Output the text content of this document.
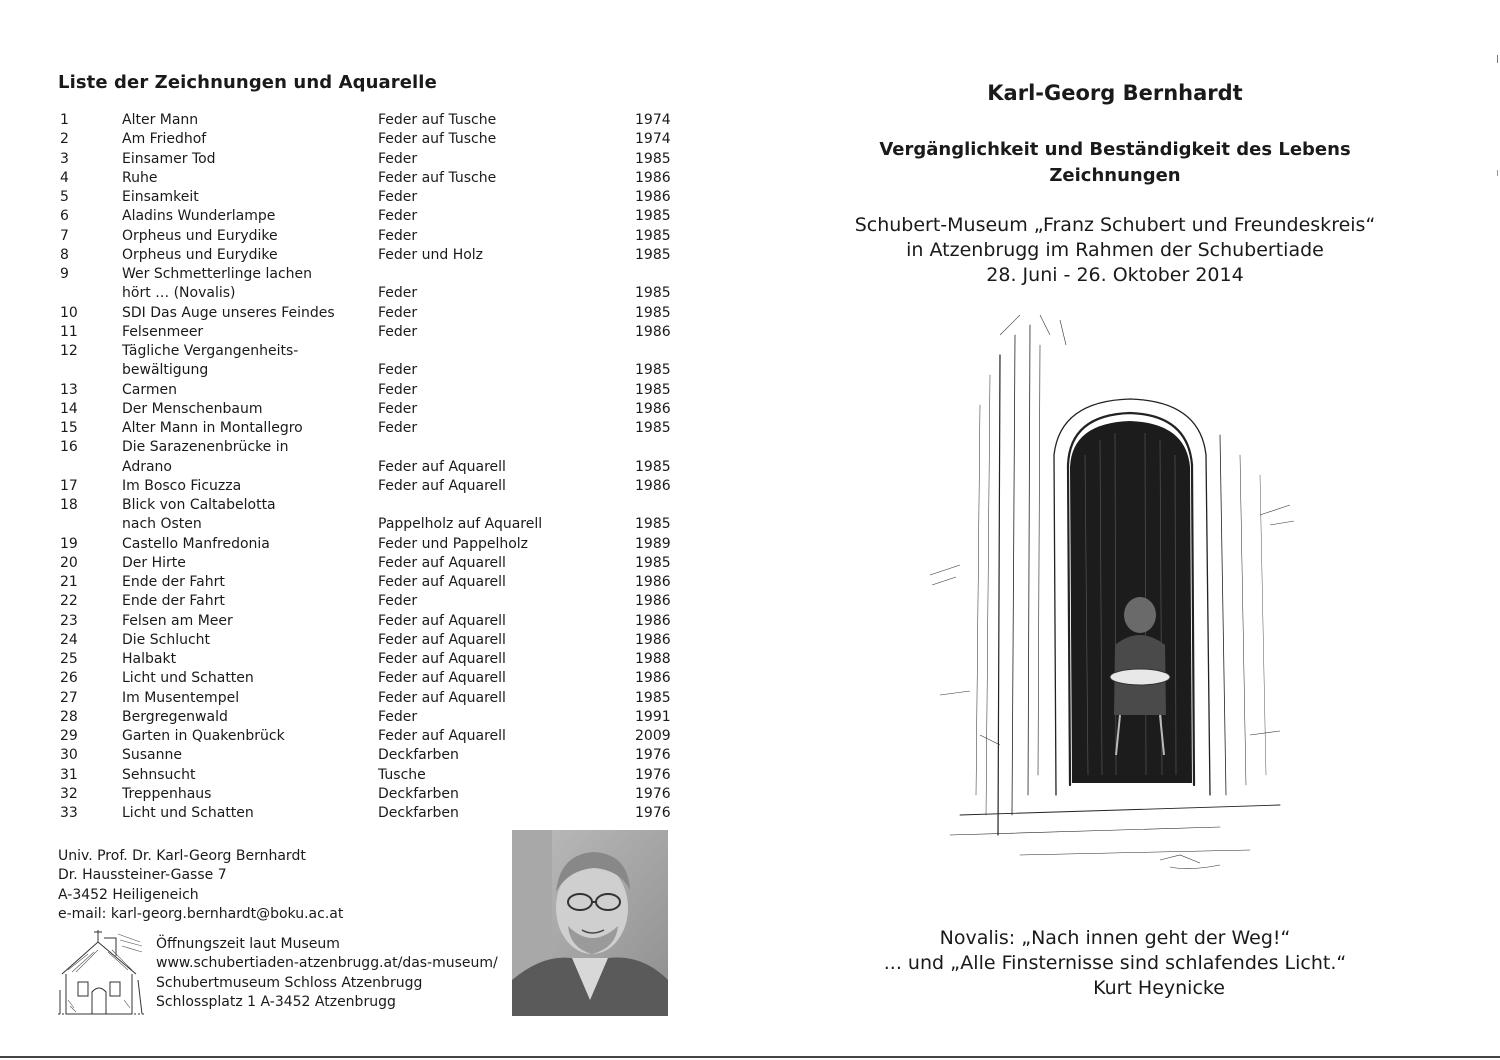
Liste der Zeichnungen und Aquarelle
1	Alter Mann	Feder auf Tusche	1974
2	Am Friedhof	Feder auf Tusche	1974
3	Einsamer Tod	Feder	1985
4	Ruhe	Feder auf Tusche	1986
5	Einsamkeit	Feder	1986
6	Aladins Wunderlampe	Feder	1985
7	Orpheus und Eurydike	Feder	1985
8	Orpheus und Eurydike	Feder und Holz	1985
9	Wer Schmetterlinge lachen
hört … (Novalis)	Feder	1985
10	SDI Das Auge unseres Feindes	Feder	1985
11	Felsenmeer	Feder	1986
12	Tägliche Vergangenheits-
bewältigung	Feder	1985
13	Carmen	Feder	1985
14	Der Menschenbaum	Feder	1986
15	Alter Mann in Montallegro	Feder	1985
16	Die Sarazenenbrücke in
Adrano	Feder auf Aquarell	1985
17	Im Bosco Ficuzza	Feder auf Aquarell	1986
18	Blick von Caltabelotta
nach Osten	Pappelholz auf Aquarell	1985
19	Castello Manfredonia	Feder und Pappelholz	1989
20	Der Hirte	Feder auf Aquarell	1985
21	Ende der Fahrt	Feder auf Aquarell	1986
22	Ende der Fahrt	Feder	1986
23	Felsen am Meer	Feder auf Aquarell	1986
24	Die Schlucht	Feder auf Aquarell	1986
25	Halbakt	Feder auf Aquarell	1988
26	Licht und Schatten	Feder auf Aquarell	1986
27	Im Musentempel	Feder auf Aquarell	1985
28	Bergregenwald	Feder	1991
29	Garten in Quakenbrück	Feder auf Aquarell	2009
30	Susanne	Deckfarben	1976
31	Sehnsucht	Tusche	1976
32	Treppenhaus	Deckfarben	1976
33	Licht und Schatten	Deckfarben	1976
Univ. Prof. Dr. Karl-Georg Bernhardt
Dr. Haussteiner-Gasse 7
A-3452 Heiligeneich
e-mail: karl-georg.bernhardt@boku.ac.at
Öffnungszeit laut Museum
www.schubertiaden-atzenbrugg.at/das-museum/
Schubertmuseum Schloss Atzenbrugg
Schlossplatz 1 A-3452 Atzenbrugg
Karl-Georg Bernhardt
Vergänglichkeit und Beständigkeit des Lebens
Zeichnungen
Schubert-Museum „Franz Schubert und Freundeskreis“
in Atzenbrugg im Rahmen der Schubertiade
28. Juni - 26. Oktober 2014
Novalis: „Nach innen geht der Weg!“
... und „Alle Finsternisse sind schlafendes Licht.“
Kurt Heynicke
